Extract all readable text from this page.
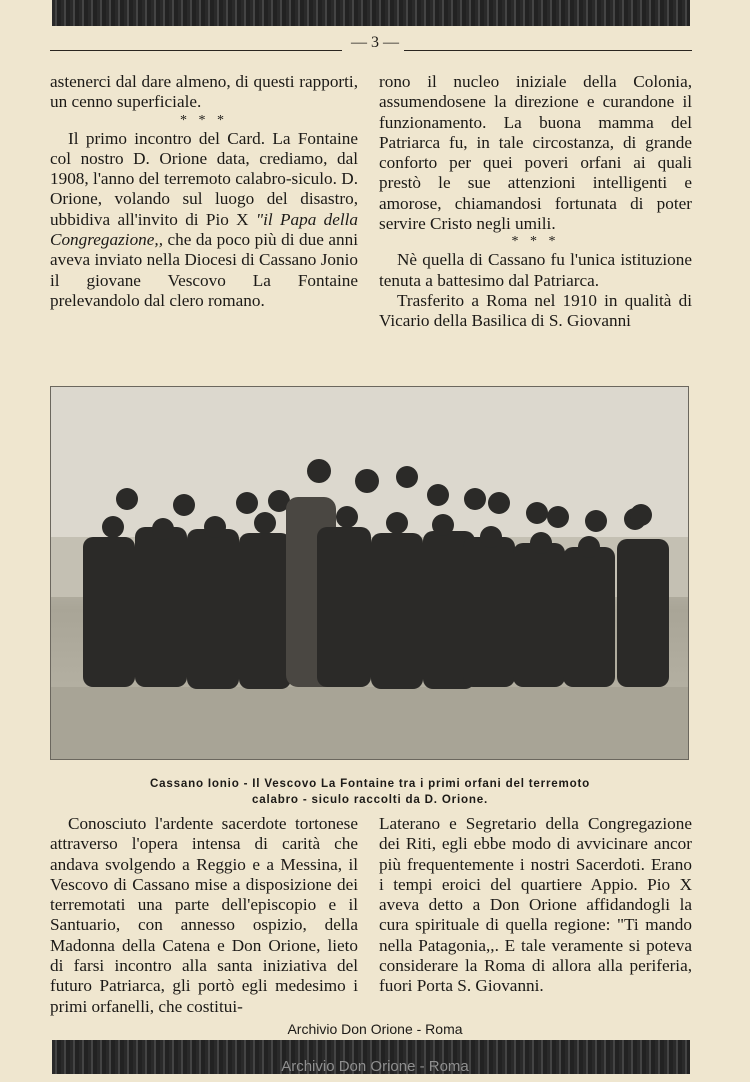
— 3 —

astenerci dal dare almeno, di questi rapporti, un cenno superficiale.

* * *

Il primo incontro del Card. La Fontaine col nostro D. Orione data, crediamo, dal 1908, l'anno del terremoto calabro-siculo. D. Orione, volando sul luogo del disastro, ubbidiva all'invito di Pio X "il Papa della Congregazione,, che da poco più di due anni aveva inviato nella Diocesi di Cassano Jonio il giovane Vescovo La Fontaine prelevandolo dal clero romano.

rono il nucleo iniziale della Colonia, assumendosene la direzione e curandone il funzionamento. La buona mamma del Patriarca fu, in tale circostanza, di grande conforto per quei poveri orfani ai quali prestò le sue attenzioni intelligenti e amorose, chiamandosi fortunata di poter servire Cristo negli umili.

* * *

Nè quella di Cassano fu l'unica istituzione tenuta a battesimo dal Patriarca.

Trasferito a Roma nel 1910 in qualità di Vicario della Basilica di S. Giovanni

Cassano Ionio - Il Vescovo La Fontaine tra i primi orfani del terremoto
calabro - siculo raccolti da D. Orione.

Conosciuto l'ardente sacerdote tortonese attraverso l'opera intensa di carità che andava svolgendo a Reggio e a Messina, il Vescovo di Cassano mise a disposizione dei terremotati una parte dell'episcopio e il Santuario, con annesso ospizio, della Madonna della Catena e Don Orione, lieto di farsi incontro alla santa iniziativa del futuro Patriarca, gli portò egli medesimo i primi orfanelli, che costitui-

Laterano e Segretario della Congregazione dei Riti, egli ebbe modo di avvicinare ancor più frequentemente i nostri Sacerdoti. Erano i tempi eroici del quartiere Appio. Pio X aveva detto a Don Orione affidandogli la cura spirituale di quella regione: "Ti mando nella Patagonia,,. E tale veramente si poteva considerare la Roma di allora alla periferia, fuori Porta S. Giovanni.

Archivio Don Orione - Roma
Archivio Don Orione - Roma
